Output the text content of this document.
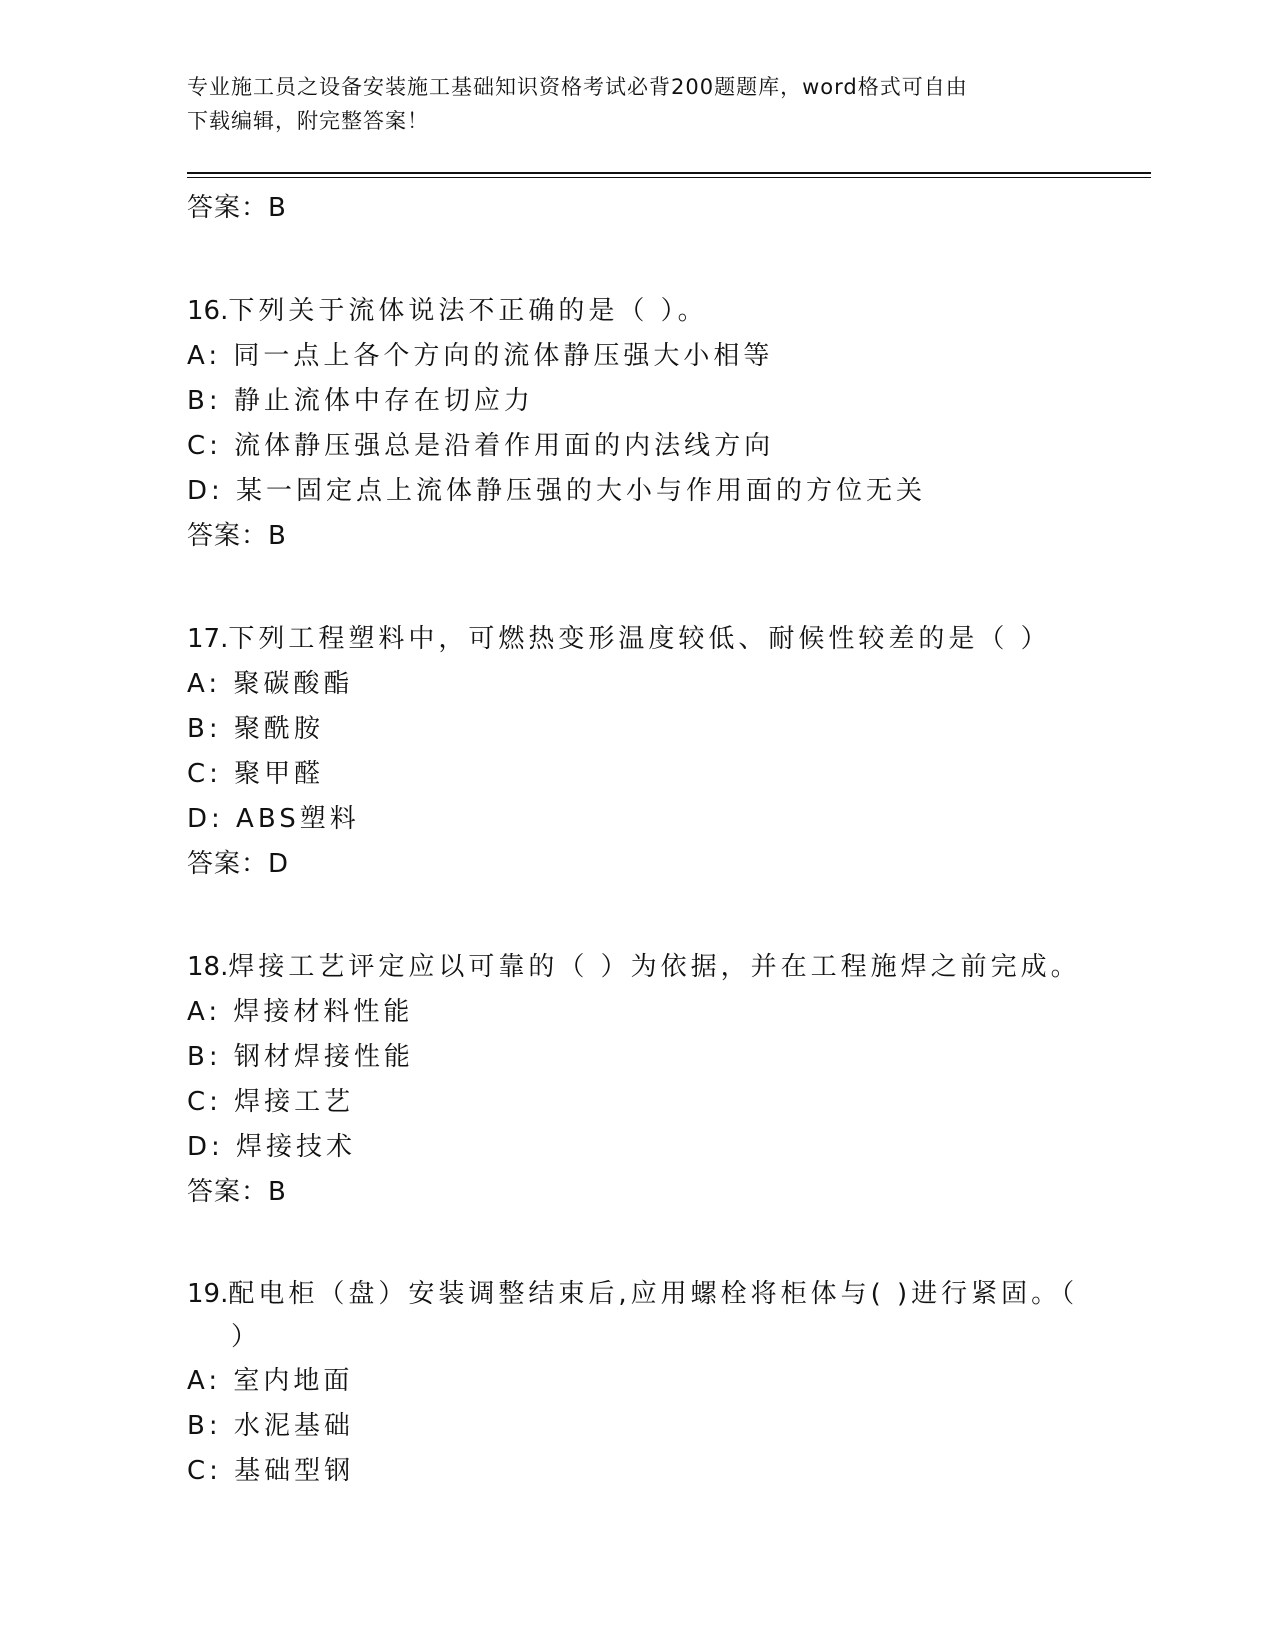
专业施工员之设备安装施工基础知识资格考试必背200题题库，word格式可自由
下载编辑，附完整答案！

答案：B

16.下列关于流体说法不正确的是（ ）。

A: 同一点上各个方向的流体静压强大小相等

B: 静止流体中存在切应力

C: 流体静压强总是沿着作用面的内法线方向

D: 某一固定点上流体静压强的大小与作用面的方位无关

答案：B

17.下列工程塑料中，可燃热变形温度较低、耐候性较差的是（ ）

A: 聚碳酸酯

B: 聚酰胺

C: 聚甲醛

D: ABS塑料

答案：D

18.焊接工艺评定应以可靠的（ ）为依据，并在工程施焊之前完成。

A: 焊接材料性能

B: 钢材焊接性能

C: 焊接工艺

D: 焊接技术

答案：B

19.配电柜（盘）安装调整结束后,应用螺栓将柜体与( )进行紧固。（
）

A: 室内地面

B: 水泥基础

C: 基础型钢
